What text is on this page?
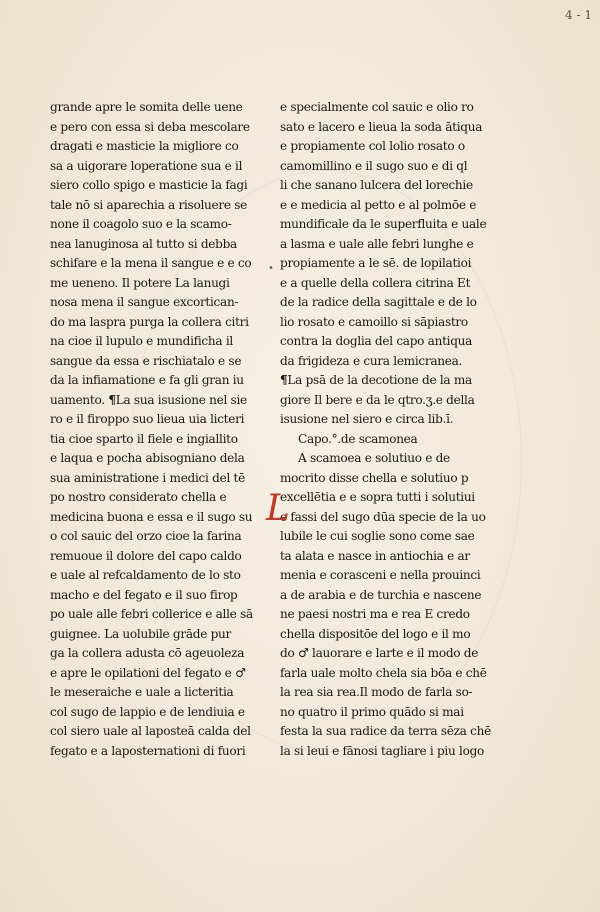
4 - 1
•
grande apre le somita delle uene
e pero con essa si deba mescolare
dragati e masticie la migliore co
sa a uigorare loperatione sua e il
siero collo spigo e masticie la fagi
tale nō si aparechia a risoluere se
none il coagolo suo e la scamo-
nea lanuginosa al tutto si debba
schifare e la mena il sangue e e co
me ueneno. Il potere La lanugi
nosa mena il sangue excortican-
do ma laspra purga la collera citri
na cioe il lupulo e mundificha il
sangue da essa e rischiatalo e se
da la infiamatione e fa gli gran iu
uamento. ¶La sua isusione nel sie
ro e il firoppo suo lieua uia licteri
tia cioe sparto il fiele e ingiallito
e laqua e pocha abisogniano dela
sua aministratione i medici del tē
po nostro considerato chella e
medicina buona e essa e il sugo su
o col sauic del orzo cioe la farina
remuoue il dolore del capo caldo
e uale al refcaldamento de lo sto
macho e del fegato e il suo firop
po uale alle febri collerice e alle sā
guignee. La uolubile grāde pur
ga la collera adusta cō ageuoleza
e apre le opilationi del fegato e ♂
le meseraiche e uale a licteritia
col sugo de lappio e de lendiuia e
col siero uale al laposteā calda del
fegato e a laposternationi di fuori
L
e specialmente col sauic e olio ro
sato e lacero e lieua la soda ātiqua
e propiamente col lolio rosato o
camomillino e il sugo suo e di ql
li che sanano lulcera del lorechie
e e medicia al petto e al polmōe e
mundificale da le superfluita e uale
a lasma e uale alle febri lunghe e
propiamente a le sē. de lopilatioi
e a quelle della collera citrina Et
de la radice della sagittale e de lo
lio rosato e camoillo si sāpiastro
contra la doglia del capo antiqua
da frigideza e cura lemicranea.
¶La psā de la decotione de la ma
giore Il bere e da le qtro.ʒ.e della
isusione nel siero e circa lib.ī.
Capo.°.de scamonea
A scamoea e solutiuo e de
mocrito disse chella e solutiuo p
excellētia e e sopra tutti i solutiui
e fassi del sugo dūa specie de la uo
lubile le cui soglie sono come sae
ta alata e nasce in antiochia e ar
menia e corasceni e nella prouinci
a de arabia e de turchia e nascene
ne paesi nostri ma e rea E credo
chella dispositōe del logo e il mo
do ♂ lauorare e larte e il modo de
farla uale molto chela sia bōa e chē
la rea sia rea.Il modo de farla so-
no quatro il primo quādo si mai
festa la sua radice da terra sēza chē
la si leui e fānosi tagliare i piu logo
